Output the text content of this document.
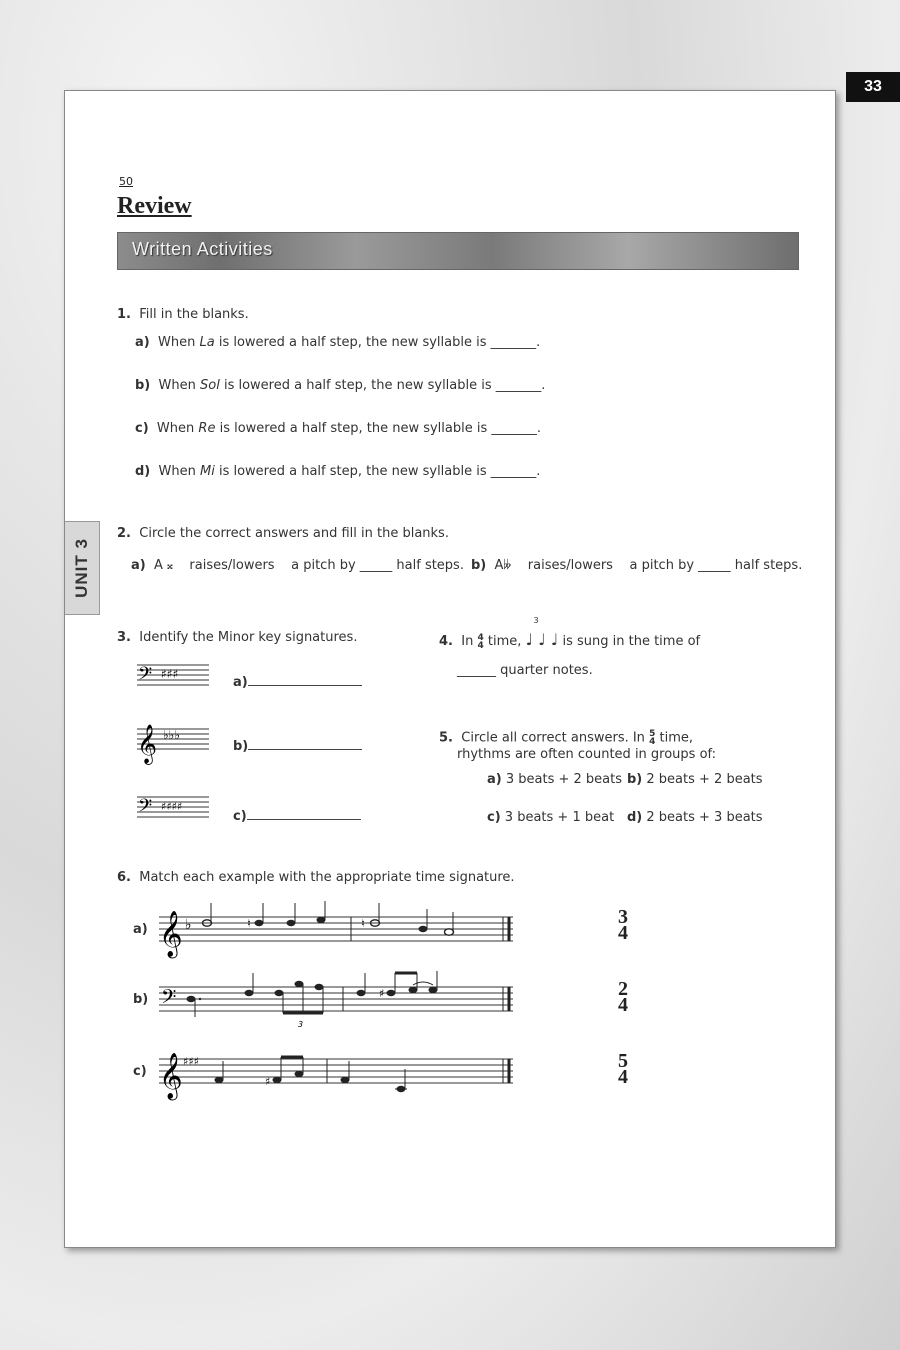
33
UNIT 3
50
Review
Written Activities
1. Fill in the blanks.
a) When La is lowered a half step, the new syllable is _______.
b) When Sol is lowered a half step, the new syllable is _______.
c) When Re is lowered a half step, the new syllable is _______.
d) When Mi is lowered a half step, the new syllable is _______.
2. Circle the correct answers and fill in the blanks.
a) A 𝄪 raises/lowers a pitch by _____ half steps. b) A𝄫 raises/lowers a pitch by _____ half steps.
3. Identify the Minor key signatures.
𝄢 ♯♯♯
a)
𝄞 ♭♭♭
b)
𝄢 ♯♯♯♯
c)
4. In 4
4 time,
3
♩ ♩ ♩ is sung in the time of
______ quarter notes.
5. Circle all correct answers. In 5
4 time,
rhythms are often counted in groups of:
a) 3 beats + 2 beats b) 2 beats + 2 beats
c) 3 beats + 1 beat d) 2 beats + 3 beats
6. Match each example with the appropriate time signature.
a) 𝄞 ♭	♮	♮	3
4
b) 𝄢
3
♯	2
4
c) 𝄞 ♯♯♯
♯
5
4
